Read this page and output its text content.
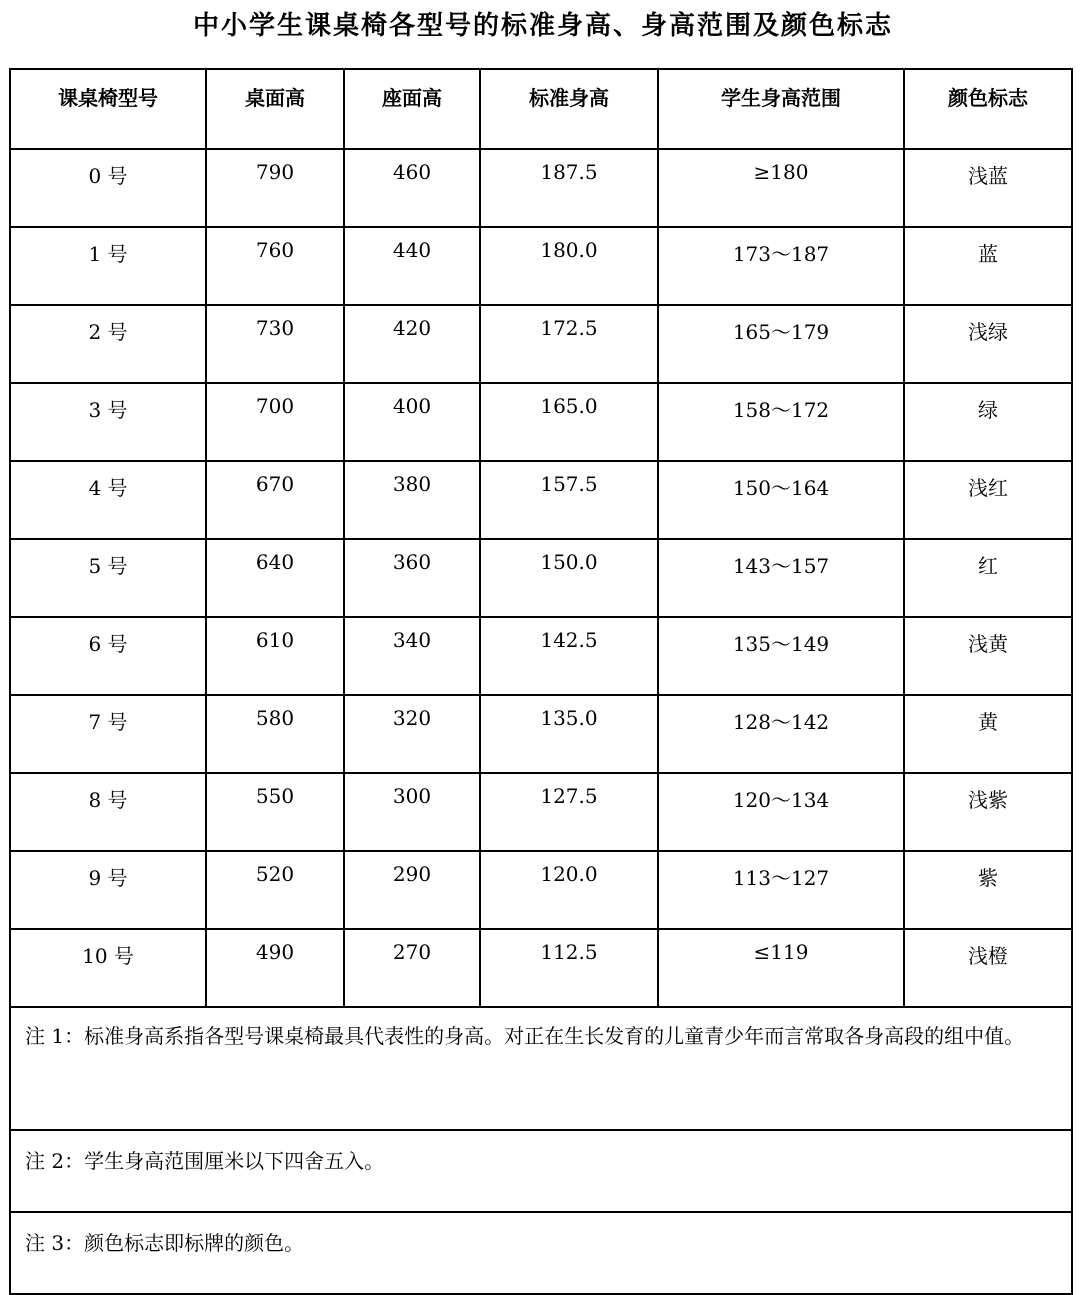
中小学生课桌椅各型号的标准身高、身高范围及颜色标志
课桌椅型号	桌面高	座面高	标准身高	学生身高范围	颜色标志
0 号	790	460	187.5	≥180	浅蓝
1 号	760	440	180.0	173～187	蓝
2 号	730	420	172.5	165～179	浅绿
3 号	700	400	165.0	158～172	绿
4 号	670	380	157.5	150～164	浅红
5 号	640	360	150.0	143～157	红
6 号	610	340	142.5	135～149	浅黄
7 号	580	320	135.0	128～142	黄
8 号	550	300	127.5	120～134	浅紫
9 号	520	290	120.0	113～127	紫
10 号	490	270	112.5	≤119	浅橙
注 1：标准身高系指各型号课桌椅最具代表性的身高。对正在生长发育的儿童青少年而言常取各身高段的组中值。					
注 2：学生身高范围厘米以下四舍五入。					
注 3：颜色标志即标牌的颜色。					
